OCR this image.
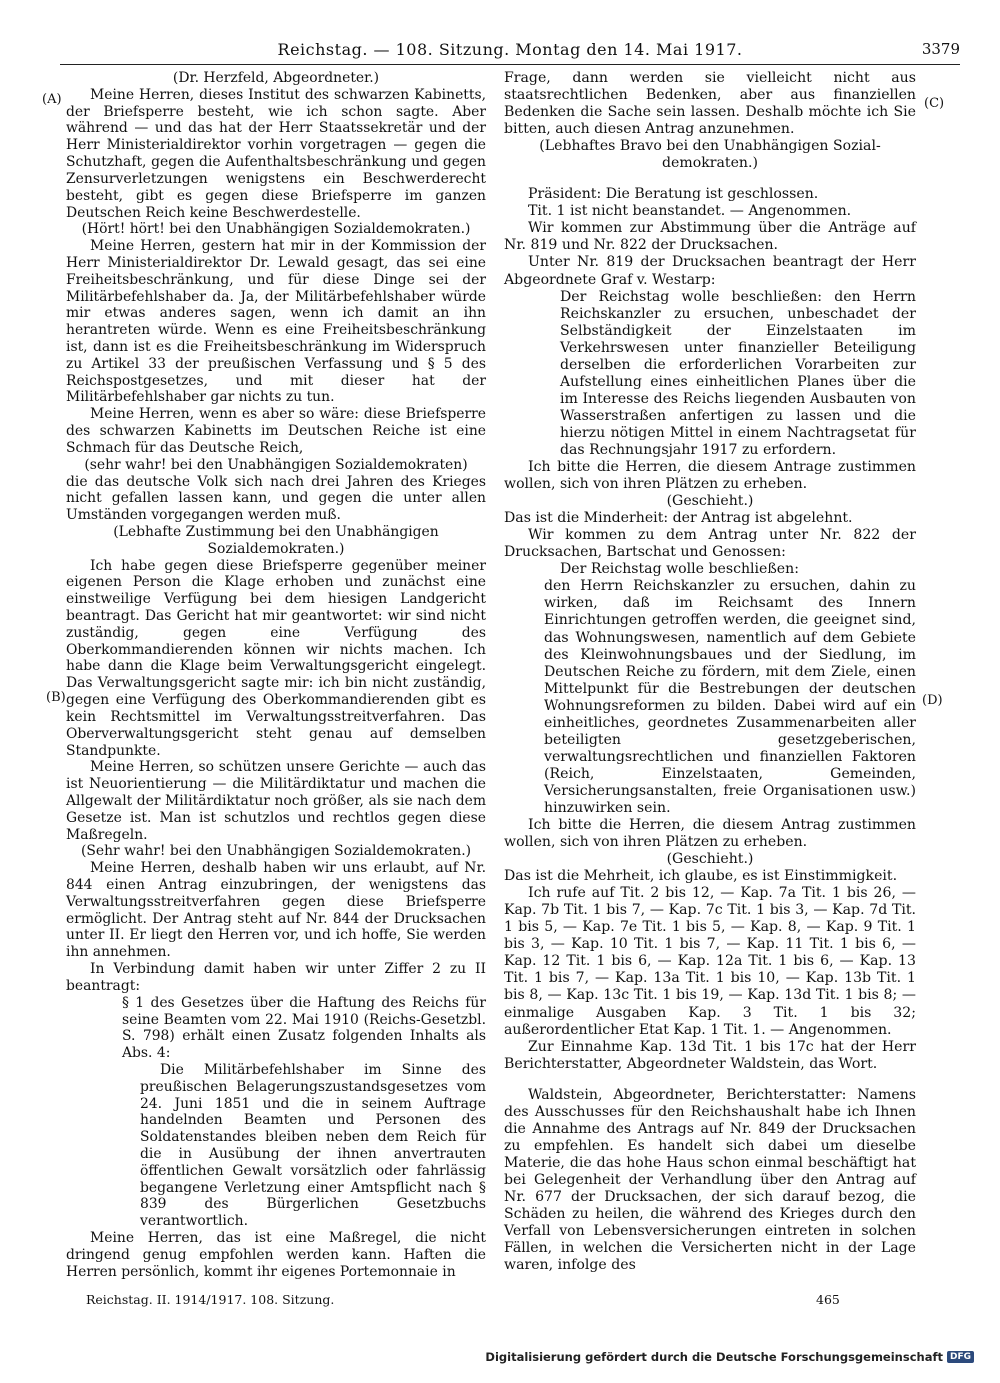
Reichstag. — 108. Sitzung. Montag den 14. Mai 1917.	3379
(A)
(B)
(C)
(D)

(Dr. Herzfeld, Abgeordneter.)

Meine Herren, dieses Institut des schwarzen Kabinetts, der Briefsperre besteht, wie ich schon sagte. Aber während — und das hat der Herr Staatssekretär und der Herr Ministerialdirektor vorhin vorgetragen — gegen die Schutzhaft, gegen die Aufenthaltsbeschränkung und gegen Zensurverletzungen wenigstens ein Beschwerderecht besteht, gibt es gegen diese Briefsperre im ganzen Deutschen Reich keine Beschwerdestelle.

(Hört! hört! bei den Unabhängigen Sozialdemokraten.)

Meine Herren, gestern hat mir in der Kommission der Herr Ministerialdirektor Dr. Lewald gesagt, das sei eine Freiheitsbeschränkung, und für diese Dinge sei der Militärbefehlshaber da. Ja, der Militärbefehlshaber würde mir etwas anderes sagen, wenn ich damit an ihn herantreten würde. Wenn es eine Freiheitsbeschränkung ist, dann ist es die Freiheitsbeschränkung im Widerspruch zu Artikel 33 der preußischen Verfassung und § 5 des Reichspostgesetzes, und mit dieser hat der Militärbefehlshaber gar nichts zu tun.

Meine Herren, wenn es aber so wäre: diese Briefsperre des schwarzen Kabinetts im Deutschen Reiche ist eine Schmach für das Deutsche Reich,

(sehr wahr! bei den Unabhängigen Sozialdemokraten)

die das deutsche Volk sich nach drei Jahren des Krieges nicht gefallen lassen kann, und gegen die unter allen Umständen vorgegangen werden muß.

(Lebhafte Zustimmung bei den Unabhängigen

Sozialdemokraten.)

Ich habe gegen diese Briefsperre gegenüber meiner eigenen Person die Klage erhoben und zunächst eine einstweilige Verfügung bei dem hiesigen Landgericht beantragt. Das Gericht hat mir geantwortet: wir sind nicht zuständig, gegen eine Verfügung des Oberkommandierenden können wir nichts machen. Ich habe dann die Klage beim Verwaltungsgericht eingelegt. Das Verwaltungsgericht sagte mir: ich bin nicht zuständig, gegen eine Verfügung des Oberkommandierenden gibt es kein Rechtsmittel im Verwaltungsstreitverfahren. Das Oberverwaltungsgericht steht genau auf demselben Standpunkte.

Meine Herren, so schützen unsere Gerichte — auch das ist Neuorientierung — die Militärdiktatur und machen die Allgewalt der Militärdiktatur noch größer, als sie nach dem Gesetze ist. Man ist schutzlos und rechtlos gegen diese Maßregeln.

(Sehr wahr! bei den Unabhängigen Sozialdemokraten.)

Meine Herren, deshalb haben wir uns erlaubt, auf Nr. 844 einen Antrag einzubringen, der wenigstens das Verwaltungsstreitverfahren gegen diese Briefsperre ermöglicht. Der Antrag steht auf Nr. 844 der Drucksachen unter II. Er liegt den Herren vor, und ich hoffe, Sie werden ihn annehmen.

In Verbindung damit haben wir unter Ziffer 2 zu II beantragt:

§ 1 des Gesetzes über die Haftung des Reichs für seine Beamten vom 22. Mai 1910 (Reichs-Gesetzbl. S. 798) erhält einen Zusatz folgenden Inhalts als Abs. 4:

Die Militärbefehlshaber im Sinne des preußischen Belagerungszustandsgesetzes vom 24. Juni 1851 und die in seinem Auftrage handelnden Beamten und Personen des Soldatenstandes bleiben neben dem Reich für die in Ausübung der ihnen anvertrauten öffentlichen Gewalt vorsätzlich oder fahrlässig begangene Verletzung einer Amtspflicht nach § 839 des Bürgerlichen Gesetzbuchs verantwortlich.

Meine Herren, das ist eine Maßregel, die nicht dringend genug empfohlen werden kann. Haften die Herren persönlich, kommt ihr eigenes Portemonnaie in

Frage, dann werden sie vielleicht nicht aus staatsrechtlichen Bedenken, aber aus finanziellen Bedenken die Sache sein lassen. Deshalb möchte ich Sie bitten, auch diesen Antrag anzunehmen.

(Lebhaftes Bravo bei den Unabhängigen Sozial-

demokraten.)

Präsident: Die Beratung ist geschlossen.

Tit. 1 ist nicht beanstandet. — Angenommen.

Wir kommen zur Abstimmung über die Anträge auf Nr. 819 und Nr. 822 der Drucksachen.

Unter Nr. 819 der Drucksachen beantragt der Herr Abgeordnete Graf v. Westarp:

Der Reichstag wolle beschließen: den Herrn Reichskanzler zu ersuchen, unbeschadet der Selbständigkeit der Einzelstaaten im Verkehrswesen unter finanzieller Beteiligung derselben die erforderlichen Vorarbeiten zur Aufstellung eines einheitlichen Planes über die im Interesse des Reichs liegenden Ausbauten von Wasserstraßen anfertigen zu lassen und die hierzu nötigen Mittel in einem Nachtragsetat für das Rechnungsjahr 1917 zu erfordern.

Ich bitte die Herren, die diesem Antrage zustimmen wollen, sich von ihren Plätzen zu erheben.

(Geschieht.)

Das ist die Minderheit: der Antrag ist abgelehnt.

Wir kommen zu dem Antrag unter Nr. 822 der Drucksachen, Bartschat und Genossen:

Der Reichstag wolle beschließen:

den Herrn Reichskanzler zu ersuchen, dahin zu wirken, daß im Reichsamt des Innern Einrichtungen getroffen werden, die geeignet sind, das Wohnungswesen, namentlich auf dem Gebiete des Kleinwohnungsbaues und der Siedlung, im Deutschen Reiche zu fördern, mit dem Ziele, einen Mittelpunkt für die Bestrebungen der deutschen Wohnungsreformen zu bilden. Dabei wird auf ein einheitliches, geordnetes Zusammenarbeiten aller beteiligten gesetzgeberischen, verwaltungsrechtlichen und finanziellen Faktoren (Reich, Einzelstaaten, Gemeinden, Versicherungsanstalten, freie Organisationen usw.) hinzuwirken sein.

Ich bitte die Herren, die diesem Antrag zustimmen wollen, sich von ihren Plätzen zu erheben.

(Geschieht.)

Das ist die Mehrheit, ich glaube, es ist Einstimmigkeit.

Ich rufe auf Tit. 2 bis 12, — Kap. 7a Tit. 1 bis 26, — Kap. 7b Tit. 1 bis 7, — Kap. 7c Tit. 1 bis 3, — Kap. 7d Tit. 1 bis 5, — Kap. 7e Tit. 1 bis 5, — Kap. 8, — Kap. 9 Tit. 1 bis 3, — Kap. 10 Tit. 1 bis 7, — Kap. 11 Tit. 1 bis 6, — Kap. 12 Tit. 1 bis 6, — Kap. 12a Tit. 1 bis 6, — Kap. 13 Tit. 1 bis 7, — Kap. 13a Tit. 1 bis 10, — Kap. 13b Tit. 1 bis 8, — Kap. 13c Tit. 1 bis 19, — Kap. 13d Tit. 1 bis 8; — einmalige Ausgaben Kap. 3 Tit. 1 bis 32; außerordentlicher Etat Kap. 1 Tit. 1. — Angenommen.

Zur Einnahme Kap. 13d Tit. 1 bis 17c hat der Herr Berichterstatter, Abgeordneter Waldstein, das Wort.

Waldstein, Abgeordneter, Berichterstatter: Namens des Ausschusses für den Reichshaushalt habe ich Ihnen die Annahme des Antrags auf Nr. 849 der Drucksachen zu empfehlen. Es handelt sich dabei um dieselbe Materie, die das hohe Haus schon einmal beschäftigt hat bei Gelegenheit der Verhandlung über den Antrag auf Nr. 677 der Drucksachen, der sich darauf bezog, die Schäden zu heilen, die während des Krieges durch den Verfall von Lebensversicherungen eintreten in solchen Fällen, in welchen die Versicherten nicht in der Lage waren, infolge des

Reichstag. II. 1914/1917. 108. Sitzung.	465
Digitalisierung gefördert durch die Deutsche Forschungsgemeinschaft DFG
